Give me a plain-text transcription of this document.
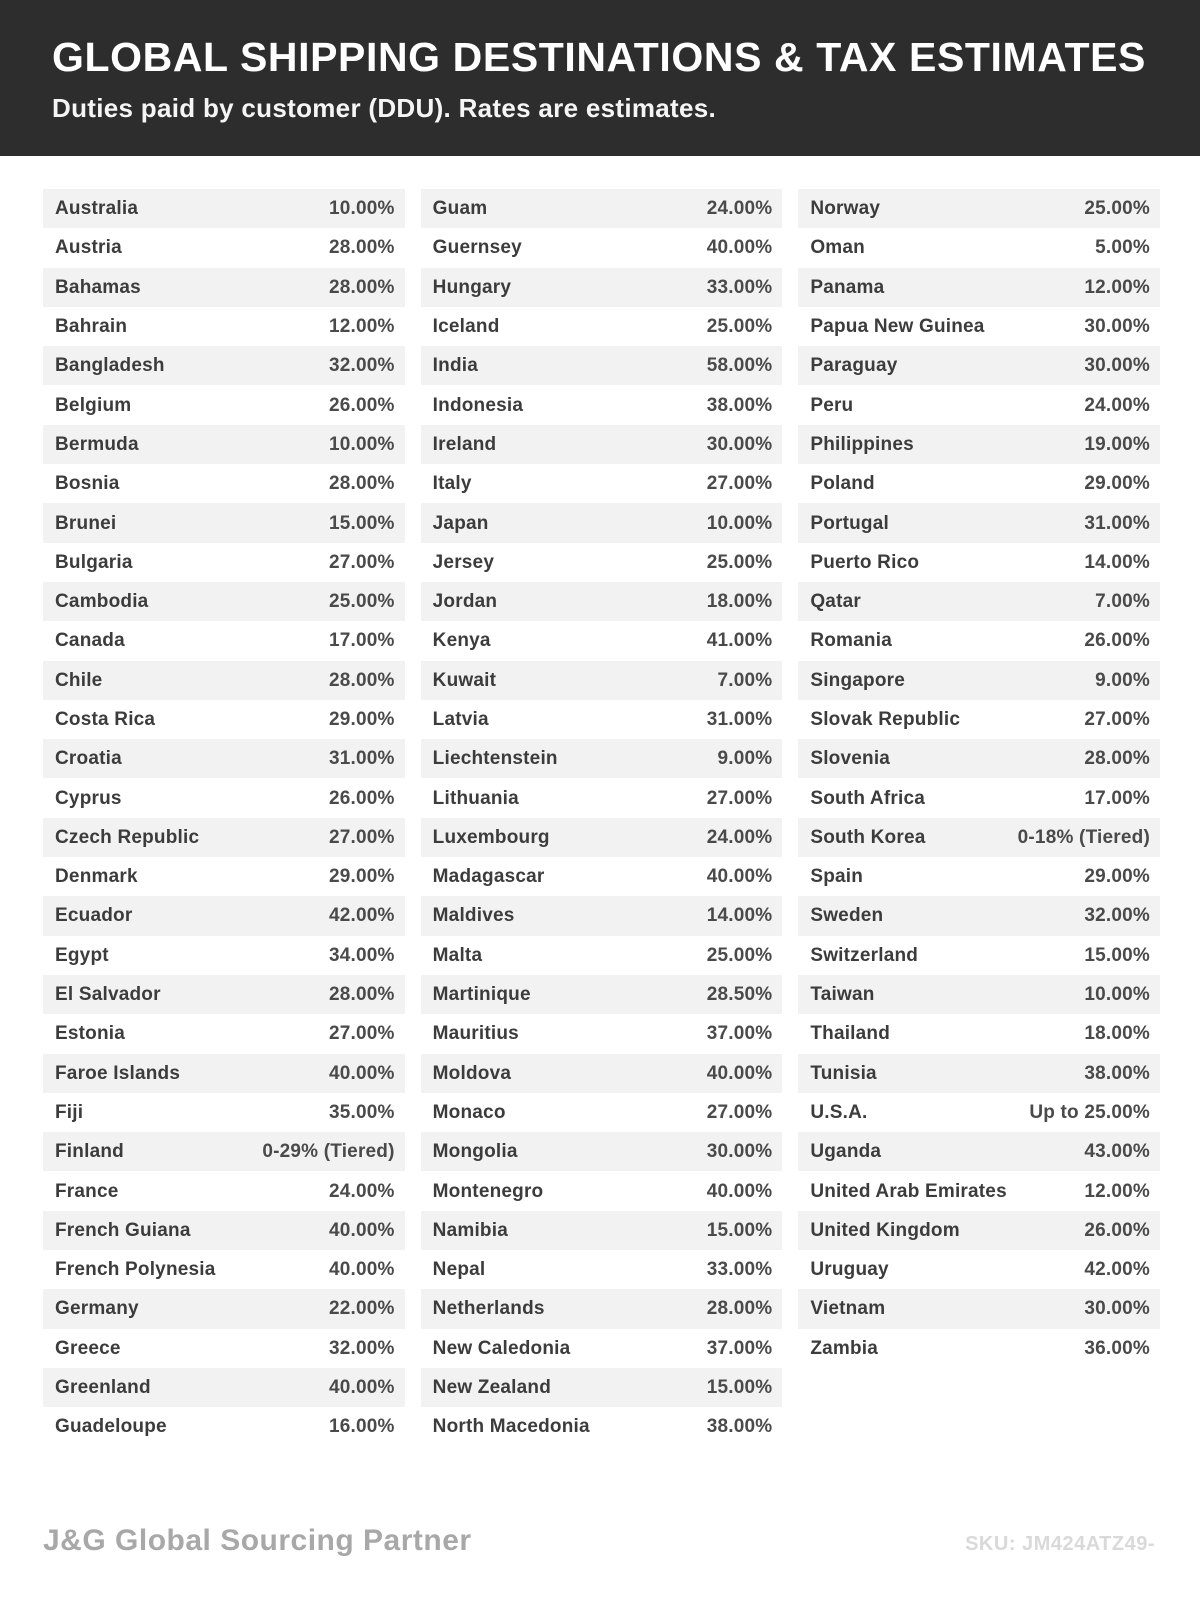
GLOBAL SHIPPING DESTINATIONS & TAX ESTIMATES

Duties paid by customer (DDU). Rates are estimates.

Australia	10.00%
Austria	28.00%
Bahamas	28.00%
Bahrain	12.00%
Bangladesh	32.00%
Belgium	26.00%
Bermuda	10.00%
Bosnia	28.00%
Brunei	15.00%
Bulgaria	27.00%
Cambodia	25.00%
Canada	17.00%
Chile	28.00%
Costa Rica	29.00%
Croatia	31.00%
Cyprus	26.00%
Czech Republic	27.00%
Denmark	29.00%
Ecuador	42.00%
Egypt	34.00%
El Salvador	28.00%
Estonia	27.00%
Faroe Islands	40.00%
Fiji	35.00%
Finland	0-29% (Tiered)
France	24.00%
French Guiana	40.00%
French Polynesia	40.00%
Germany	22.00%
Greece	32.00%
Greenland	40.00%
Guadeloupe	16.00%
Guam	24.00%
Guernsey	40.00%
Hungary	33.00%
Iceland	25.00%
India	58.00%
Indonesia	38.00%
Ireland	30.00%
Italy	27.00%
Japan	10.00%
Jersey	25.00%
Jordan	18.00%
Kenya	41.00%
Kuwait	7.00%
Latvia	31.00%
Liechtenstein	9.00%
Lithuania	27.00%
Luxembourg	24.00%
Madagascar	40.00%
Maldives	14.00%
Malta	25.00%
Martinique	28.50%
Mauritius	37.00%
Moldova	40.00%
Monaco	27.00%
Mongolia	30.00%
Montenegro	40.00%
Namibia	15.00%
Nepal	33.00%
Netherlands	28.00%
New Caledonia	37.00%
New Zealand	15.00%
North Macedonia	38.00%
Norway	25.00%
Oman	5.00%
Panama	12.00%
Papua New Guinea	30.00%
Paraguay	30.00%
Peru	24.00%
Philippines	19.00%
Poland	29.00%
Portugal	31.00%
Puerto Rico	14.00%
Qatar	7.00%
Romania	26.00%
Singapore	9.00%
Slovak Republic	27.00%
Slovenia	28.00%
South Africa	17.00%
South Korea	0-18% (Tiered)
Spain	29.00%
Sweden	32.00%
Switzerland	15.00%
Taiwan	10.00%
Thailand	18.00%
Tunisia	38.00%
U.S.A.	Up to 25.00%
Uganda	43.00%
United Arab Emirates	12.00%
United Kingdom	26.00%
Uruguay	42.00%
Vietnam	30.00%
Zambia	36.00%
J&G Global Sourcing Partner	SKU: JM424ATZ49-
